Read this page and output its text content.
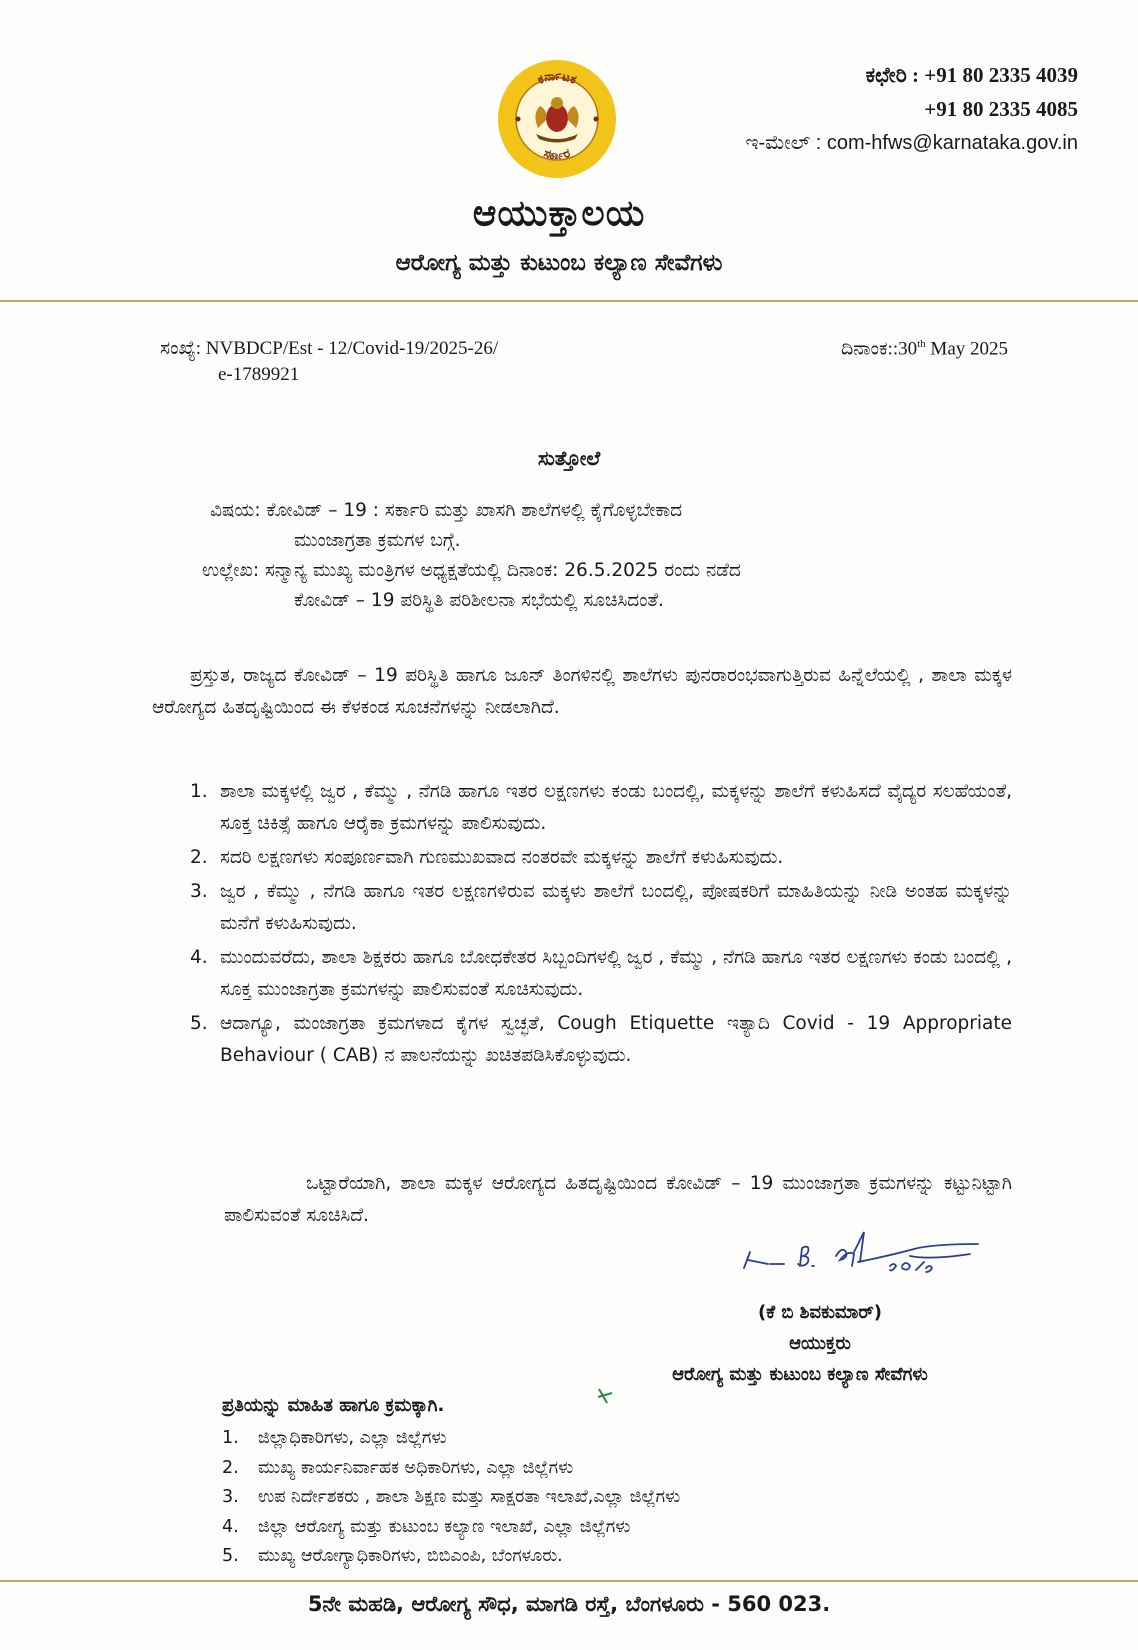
ಕರ್ನಾಟಕ
ಸರ್ಕಾರ
ಕಛೇರಿ : +91 80 2335 4039
+91 80 2335 4085
ಇ-ಮೇಲ್ : com-hfws@karnataka.gov.in
ಆಯುಕ್ತಾಲಯ
ಆರೋಗ್ಯ ಮತ್ತು ಕುಟುಂಬ ಕಲ್ಯಾಣ ಸೇವೆಗಳು
ಸಂಖ್ಯೆ: NVBDCP/Est - 12/Covid-19/2025-26/
e-1789921
ದಿನಾಂಕ::30th May 2025
ಸುತ್ತೋಲೆ
ವಿಷಯ: ಕೋವಿಡ್ – 19 : ಸರ್ಕಾರಿ ಮತ್ತು ಖಾಸಗಿ ಶಾಲೆಗಳಲ್ಲಿ ಕೈಗೊಳ್ಳಬೇಕಾದ
ಮುಂಜಾಗ್ರತಾ ಕ್ರಮಗಳ ಬಗ್ಗೆ.
ಉಲ್ಲೇಖ: ಸನ್ಮಾನ್ಯ ಮುಖ್ಯ ಮಂತ್ರಿಗಳ ಅಧ್ಯಕ್ಷತೆಯಲ್ಲಿ ದಿನಾಂಕ: 26.5.2025 ರಂದು ನಡೆದ
ಕೋವಿಡ್ – 19 ಪರಿಸ್ಥಿತಿ ಪರಿಶೀಲನಾ ಸಭೆಯಲ್ಲಿ ಸೂಚಿಸಿದಂತೆ.

ಪ್ರಸ್ತುತ, ರಾಜ್ಯದ ಕೋವಿಡ್ – 19 ಪರಿಸ್ಥಿತಿ ಹಾಗೂ ಜೂನ್ ತಿಂಗಳಿನಲ್ಲಿ ಶಾಲೆಗಳು ಪುನರಾರಂಭವಾಗುತ್ತಿರುವ ಹಿನ್ನೆಲೆಯಲ್ಲಿ , ಶಾಲಾ ಮಕ್ಕಳ ಆರೋಗ್ಯದ ಹಿತದೃಷ್ಟಿಯಿಂದ ಈ ಕೆಳಕಂಡ ಸೂಚನೆಗಳನ್ನು ನೀಡಲಾಗಿದೆ.

1. ಶಾಲಾ ಮಕ್ಕಳಲ್ಲಿ ಜ್ವರ , ಕೆಮ್ಮು , ನೆಗಡಿ ಹಾಗೂ ಇತರ ಲಕ್ಷಣಗಳು ಕಂಡು ಬಂದಲ್ಲಿ, ಮಕ್ಕಳನ್ನು ಶಾಲೆಗೆ ಕಳುಹಿಸದೆ ವೈದ್ಯರ ಸಲಹೆಯಂತೆ, ಸೂಕ್ತ ಚಿಕಿತ್ಸೆ ಹಾಗೂ ಆರೈಕಾ ಕ್ರಮಗಳನ್ನು ಪಾಲಿಸುವುದು.
2. ಸದರಿ ಲಕ್ಷಣಗಳು ಸಂಪೂರ್ಣವಾಗಿ ಗುಣಮುಖವಾದ ನಂತರವೇ ಮಕ್ಕಳನ್ನು ಶಾಲೆಗೆ ಕಳುಹಿಸುವುದು.
3. ಜ್ವರ , ಕೆಮ್ಮು , ನೆಗಡಿ ಹಾಗೂ ಇತರ ಲಕ್ಷಣಗಳಿರುವ ಮಕ್ಕಳು ಶಾಲೆಗೆ ಬಂದಲ್ಲಿ, ಪೋಷಕರಿಗೆ ಮಾಹಿತಿಯನ್ನು ನೀಡಿ ಅಂತಹ ಮಕ್ಕಳನ್ನು ಮನೆಗೆ ಕಳುಹಿಸುವುದು.
4. ಮುಂದುವರೆದು, ಶಾಲಾ ಶಿಕ್ಷಕರು ಹಾಗೂ ಬೋಧಕೇತರ ಸಿಬ್ಬಂದಿಗಳಲ್ಲಿ ಜ್ವರ , ಕೆಮ್ಮು , ನೆಗಡಿ ಹಾಗೂ ಇತರ ಲಕ್ಷಣಗಳು ಕಂಡು ಬಂದಲ್ಲಿ , ಸೂಕ್ತ ಮುಂಜಾಗ್ರತಾ ಕ್ರಮಗಳನ್ನು ಪಾಲಿಸುವಂತೆ ಸೂಚಿಸುವುದು.
5. ಆದಾಗ್ಯೂ, ಮಂಜಾಗ್ರತಾ ಕ್ರಮಗಳಾದ ಕೈಗಳ ಸ್ವಚ್ಛತೆ, Cough Etiquette ಇತ್ಯಾದಿ Covid - 19 Appropriate Behaviour ( CAB) ನ ಪಾಲನೆಯನ್ನು ಖಚಿತಪಡಿಸಿಕೊಳ್ಳುವುದು.

ಒಟ್ಟಾರೆಯಾಗಿ, ಶಾಲಾ ಮಕ್ಕಳ ಆರೋಗ್ಯದ ಹಿತದೃಷ್ಟಿಯಿಂದ ಕೋವಿಡ್ – 19 ಮುಂಜಾಗ್ರತಾ ಕ್ರಮಗಳನ್ನು ಕಟ್ಟುನಿಟ್ಟಾಗಿ ಪಾಲಿಸುವಂತೆ ಸೂಚಿಸಿದೆ.

(ಕೆ ಬಿ ಶಿವಕುಮಾರ್)
ಆಯುಕ್ತರು
ಆರೋಗ್ಯ ಮತ್ತು ಕುಟುಂಬ ಕಲ್ಯಾಣ ಸೇವೆಗಳು
ಪ್ರತಿಯನ್ನು ಮಾಹಿತ ಹಾಗೂ ಕ್ರಮಕ್ಕಾಗಿ.
1. ಜಿಲ್ಲಾಧಿಕಾರಿಗಳು, ಎಲ್ಲಾ ಜಿಲ್ಲೆಗಳು
2. ಮುಖ್ಯ ಕಾರ್ಯನಿರ್ವಾಹಕ ಅಧಿಕಾರಿಗಳು, ಎಲ್ಲಾ ಜಿಲ್ಲೆಗಳು
3. ಉಪ ನಿರ್ದೇಶಕರು , ಶಾಲಾ ಶಿಕ್ಷಣ ಮತ್ತು ಸಾಕ್ಷರತಾ ಇಲಾಖೆ,ಎಲ್ಲಾ ಜಿಲ್ಲೆಗಳು
4. ಜಿಲ್ಲಾ ಆರೋಗ್ಯ ಮತ್ತು ಕುಟುಂಬ ಕಲ್ಯಾಣ ಇಲಾಖೆ, ಎಲ್ಲಾ ಜಿಲ್ಲೆಗಳು
5. ಮುಖ್ಯ ಆರೋಗ್ಯಾಧಿಕಾರಿಗಳು, ಬಿಬಿಎಂಪಿ, ಬೆಂಗಳೂರು.
5ನೇ ಮಹಡಿ, ಆರೋಗ್ಯ ಸೌಧ, ಮಾಗಡಿ ರಸ್ತೆ, ಬೆಂಗಳೂರು - 560 023.
